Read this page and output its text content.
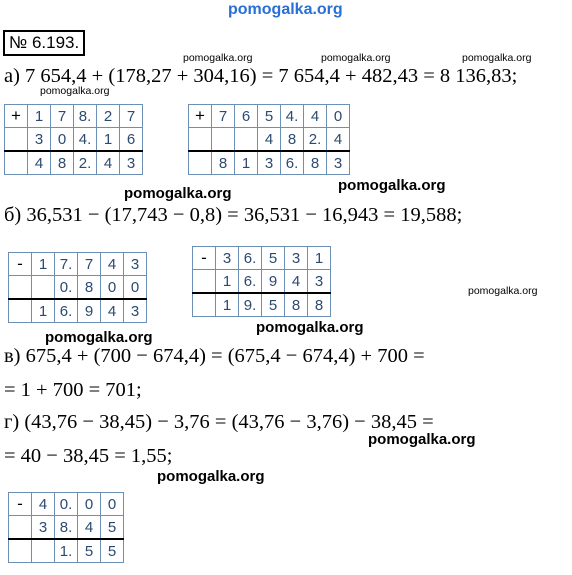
pomogalka.org
№ 6.193.
pomogalka.org	pomogalka.org	pomogalka.org
а) 7 654,4 + (178,27 + 304,16) = 7 654,4 + 482,43 = 8 136,83;
pomogalka.org
+	1	7	8.	2	7
	3	0	4.	1	6
	4	8	2.	4	3
+	7	6	5	4.	4	0
			4	8	2.	4
	8	1	3	6.	8	3
pomogalka.org	pomogalka.org
б) 36,531 − (17,743 − 0,8) = 36,531 − 16,943 = 19,588;
-	1	7.	7	4	3
		0.	8	0	0
	1	6.	9	4	3
-	3	6.	5	3	1
	1	6.	9	4	3
	1	9.	5	8	8
pomogalka.org
pomogalka.org
pomogalka.org
в) 675,4 + (700 − 674,4) = (675,4 − 674,4) + 700 =
= 1 + 700 = 701;
г) (43,76 − 38,45) − 3,76 = (43,76 − 3,76) − 38,45 =
pomogalka.org
= 40 − 38,45 = 1,55;
pomogalka.org
-	4	0.	0	0
	3	8.	4	5
		1.	5	5
